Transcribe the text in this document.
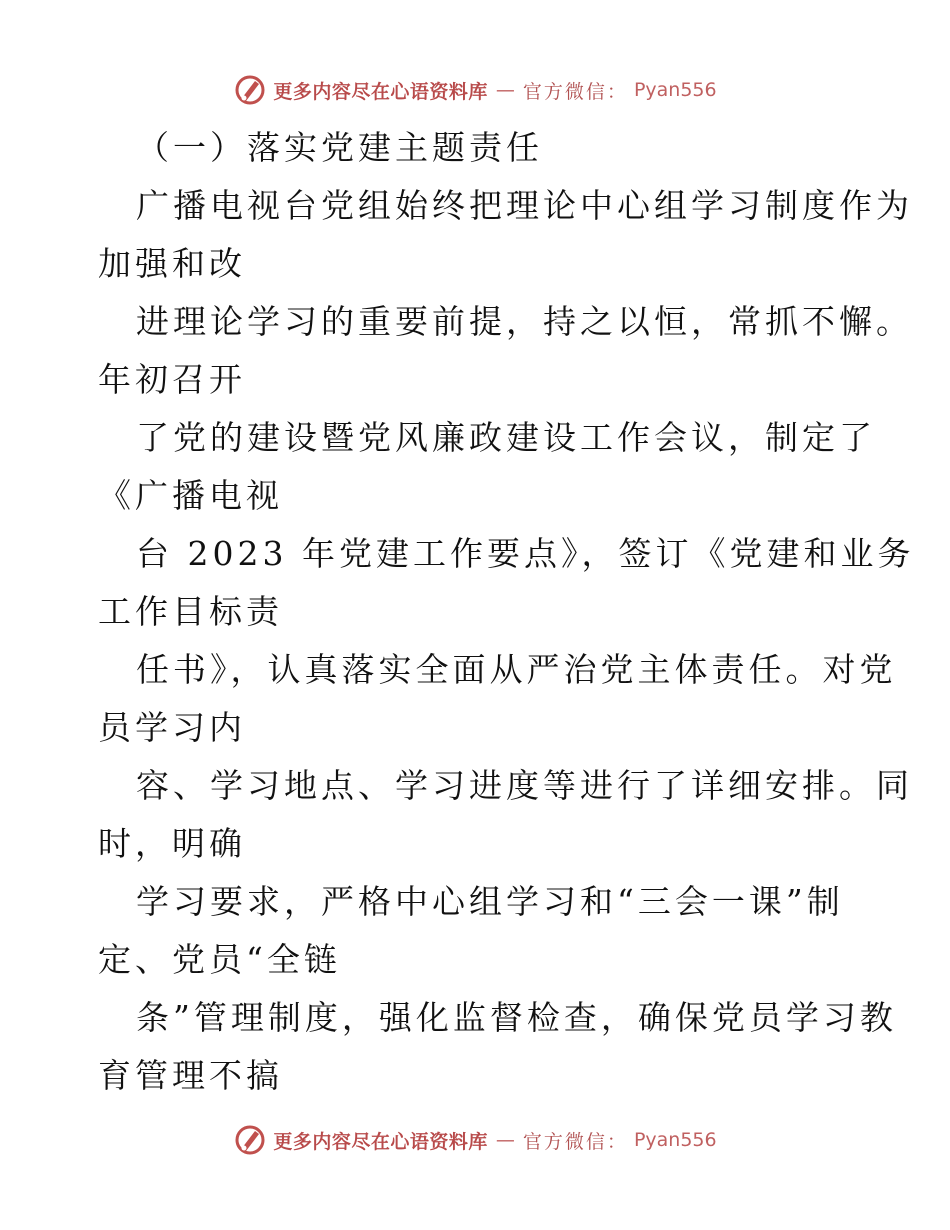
更多内容尽在心语资料库 — 官方微信： Pyan556
（一）落实党建主题责任
广播电视台党组始终把理论中心组学习制度作为
加强和改
进理论学习的重要前提，持之以恒，常抓不懈。
年初召开
了党的建设暨党风廉政建设工作会议，制定了
《广播电视
台 2023 年党建工作要点》，签订《党建和业务
工作目标责
任书》，认真落实全面从严治党主体责任。对党
员学习内
容、学习地点、学习进度等进行了详细安排。同
时，明确
学习要求，严格中心组学习和“三会一课”制
定、党员“全链
条”管理制度，强化监督检查，确保党员学习教
育管理不搞
更多内容尽在心语资料库 — 官方微信： Pyan556
